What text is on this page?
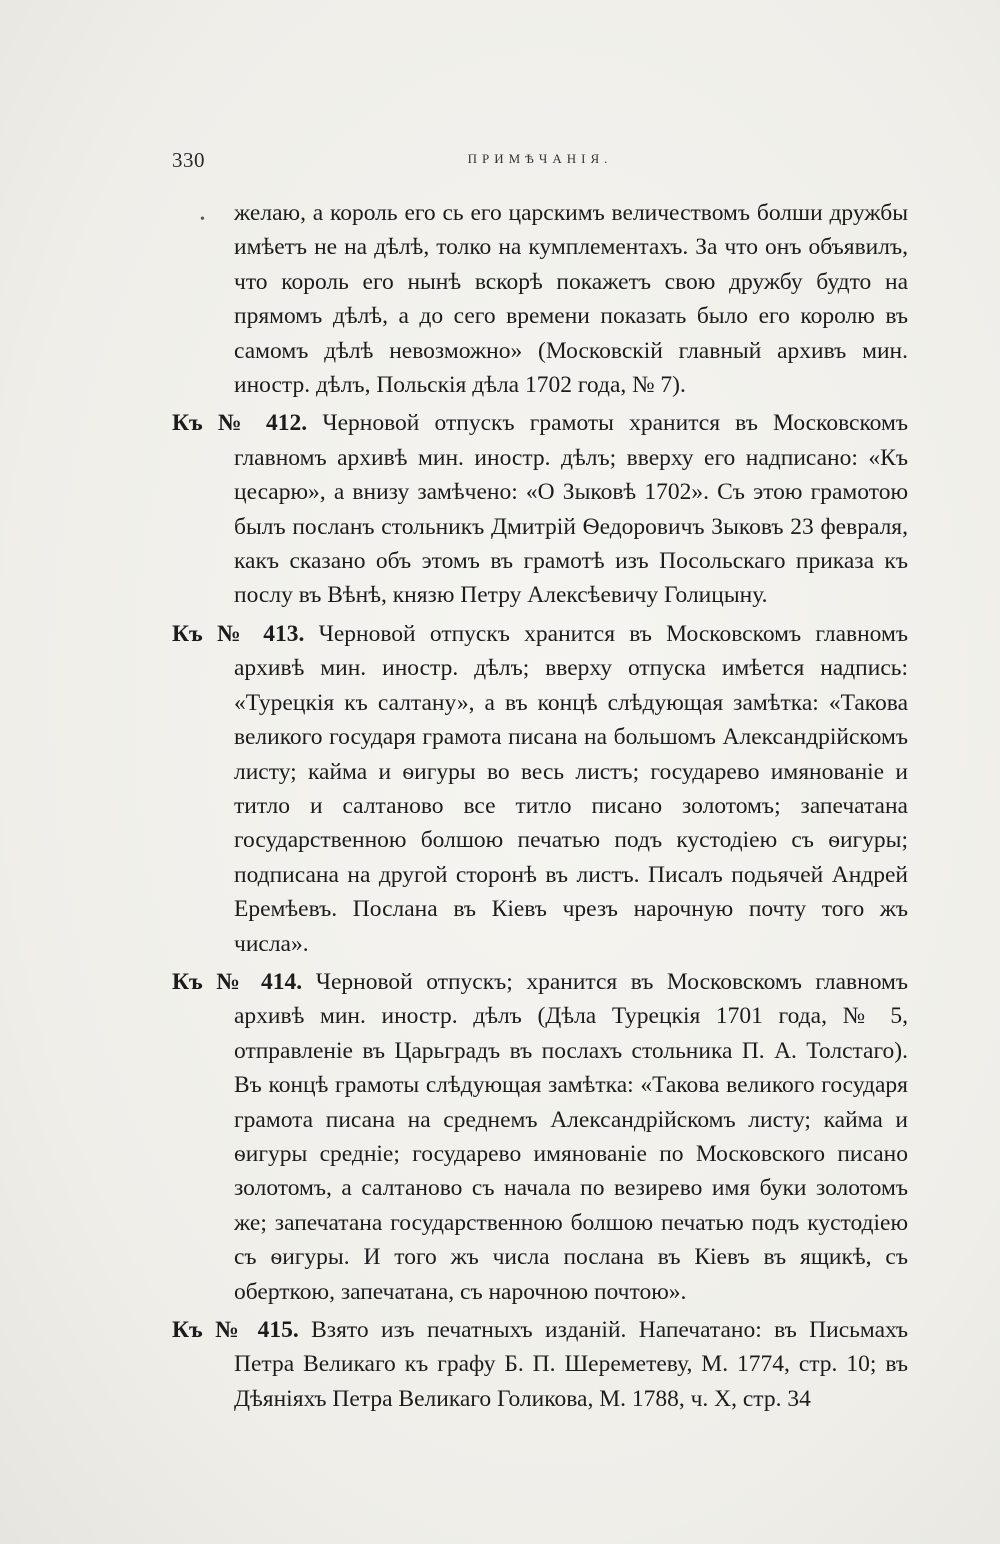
330	ПРИМѢЧАНІЯ.
•	желаю, а король его сь его царскимъ величествомъ болши дружбы имѣетъ не на дѣлѣ, толко на кумплементахъ. За что онъ объявилъ, что король его нынѣ вскорѣ покажетъ свою дружбу будто на прямомъ дѣлѣ, а до сего времени показать было его королю въ самомъ дѣлѣ невозможно» (Московскій главный архивъ мин. иностр. дѣлъ, Польскія дѣла 1702 года, № 7).

Къ № 412. Черновой отпускъ грамоты хранится въ Московскомъ главномъ архивѣ мин. иностр. дѣлъ; вверху его надписано: «Къ цесарю», а внизу замѣчено: «О Зыковѣ 1702». Съ этою грамотою былъ посланъ стольникъ Дмитрій Ѳедоровичъ Зыковъ 23 февраля, какъ сказано объ этомъ въ грамотѣ изъ Посольскаго приказа къ послу въ Вѣнѣ, князю Петру Алексѣевичу Голицыну.

Къ № 413. Черновой отпускъ хранится въ Московскомъ главномъ архивѣ мин. иностр. дѣлъ; вверху отпуска имѣется надпись: «Турецкія къ салтану», а въ концѣ слѣдующая замѣтка: «Такова великого государя грамота писана на большомъ Александрійскомъ листу; кайма и ѳигуры во весь листъ; государево имянованіе и титло и салтаново все титло писано золотомъ; запечатана государственною болшою печатью подъ кустодіею съ ѳигуры; подписана на другой сторонѣ въ листъ. Писалъ подьячей Андрей Еремѣевъ. Послана въ Кіевъ чрезъ нарочную почту того жъ числа».

Къ № 414. Черновой отпускъ; хранится въ Московскомъ главномъ архивѣ мин. иностр. дѣлъ (Дѣла Турецкія 1701 года, № 5, отправленіе въ Царьградъ въ послахъ стольника П. А. Толстаго). Въ концѣ грамоты слѣдующая замѣтка: «Такова великого государя грамота писана на среднемъ Александрійскомъ листу; кайма и ѳигуры средніе; государево имянованіе по Московского писано золотомъ, а салтаново съ начала по везирево имя буки золотомъ же; запечатана государственною болшою печатью подъ кустодіею съ ѳигуры. И того жъ числа послана въ Кіевъ въ ящикѣ, съ оберткою, запечатана, съ нарочною почтою».

Къ № 415. Взято изъ печатныхъ изданій. Напечатано: въ Письмахъ Петра Великаго къ графу Б. П. Шереметеву, М. 1774, стр. 10; въ Дѣяніяхъ Петра Великаго Голикова, М. 1788, ч. X, стр. 34
